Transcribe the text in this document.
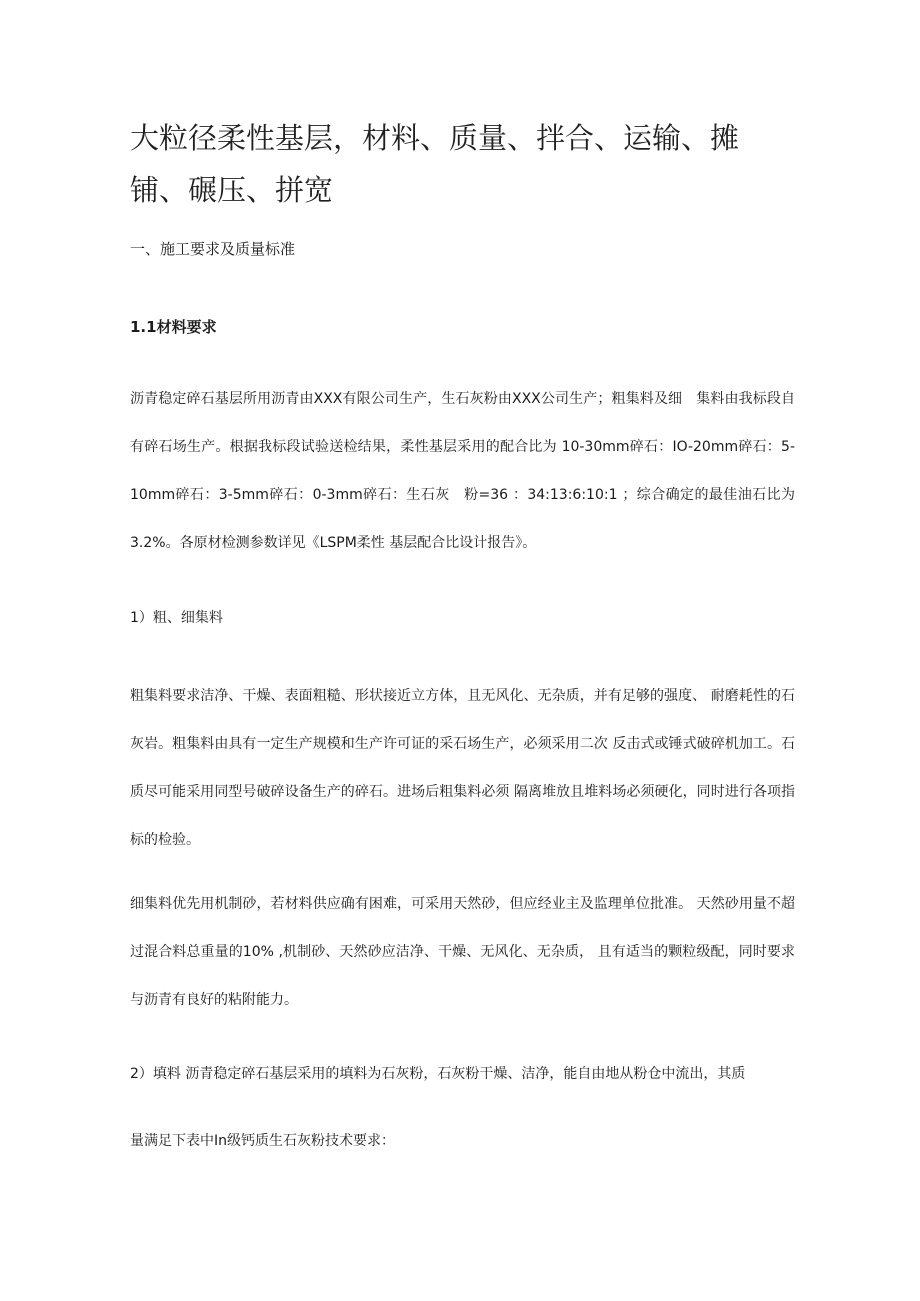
大粒径柔性基层，材料、质量、拌合、运输、摊铺、碾压、拼宽

一、施工要求及质量标准

1.1材料要求

沥青稳定碎石基层所用沥青由XXX有限公司生产，生石灰粉由XXX公司生产；粗集料及细　集料由我标段自有碎石场生产。根据我标段试验送检结果，柔性基层采用的配合比为 10-30mm碎石：IO-20mm碎石：5-10mm碎石：3-5mm碎石：0-3mm碎石：生石灰　粉=36 ：34:13:6:10:1 ；综合确定的最佳油石比为3.2%。各原材检测参数详见《LSPM柔性 基层配合比设计报告》。

1）粗、细集料

粗集料要求洁净、干燥、表面粗糙、形状接近立方体，且无风化、无杂质，并有足够的强度、 耐磨耗性的石灰岩。粗集料由具有一定生产规模和生产许可证的采石场生产，必须采用二次 反击式或锤式破碎机加工。石质尽可能采用同型号破碎设备生产的碎石。进场后粗集料必须 隔离堆放且堆料场必须硬化，同时进行各项指标的检验。

细集料优先用机制砂，若材料供应确有困难，可采用天然砂，但应经业主及监理单位批准。 天然砂用量不超过混合料总重量的10% ,机制砂、天然砂应洁净、干燥、无风化、无杂质， 且有适当的颗粒级配，同时要求与沥青有良好的粘附能力。

2）填料 沥青稳定碎石基层采用的填料为石灰粉，石灰粉干燥、洁净，能自由地从粉仓中流出，其质

量满足下表中In级钙质生石灰粉技术要求：
